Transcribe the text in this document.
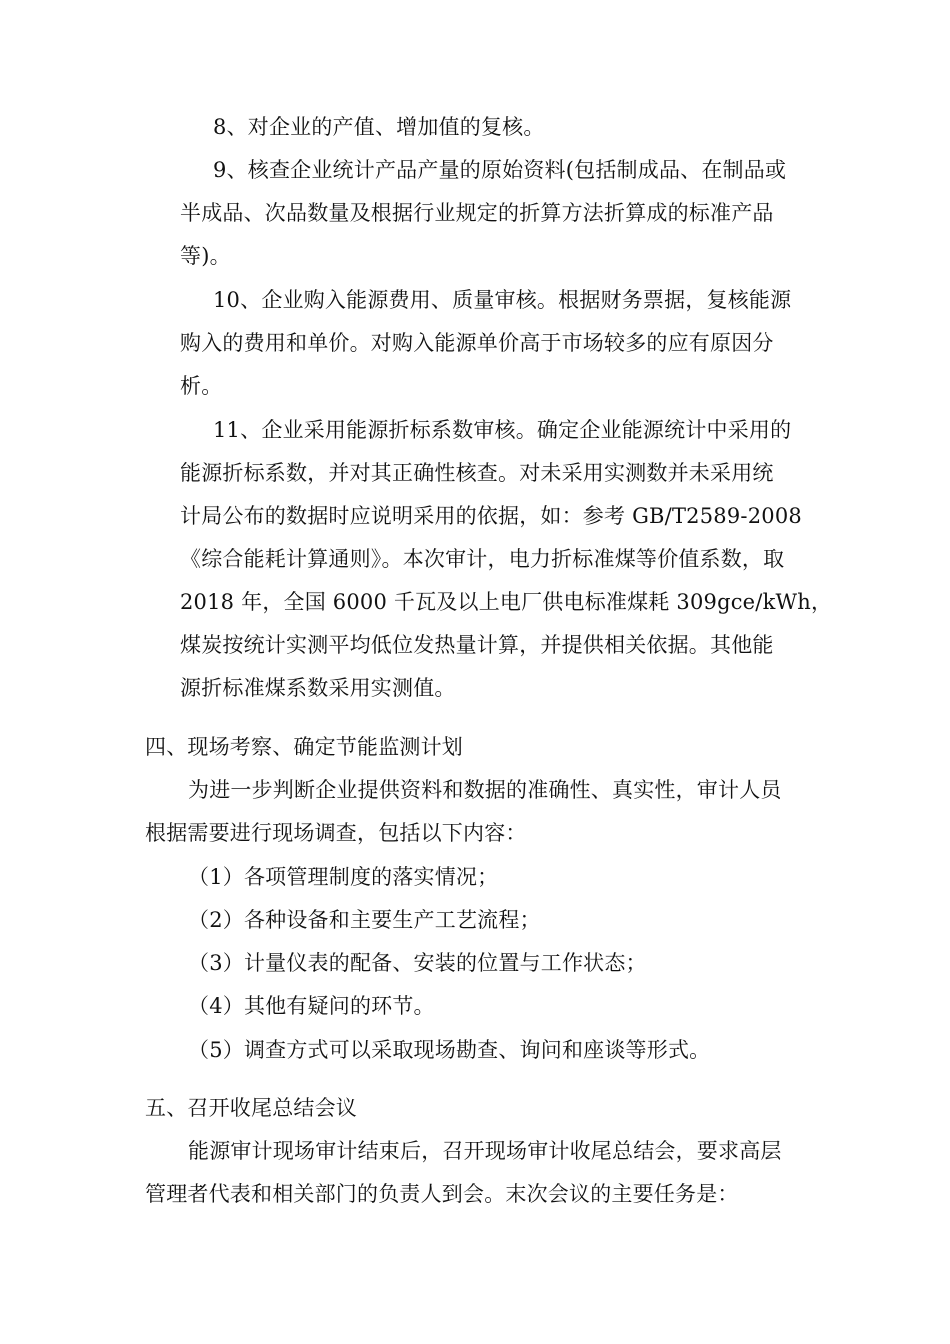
8、对企业的产值、增加值的复核。
9、核查企业统计产品产量的原始资料(包括制成品、在制品或
半成品、次品数量及根据行业规定的折算方法折算成的标准产品
等)。
10、企业购入能源费用、质量审核。根据财务票据，复核能源
购入的费用和单价。对购入能源单价高于市场较多的应有原因分
析。
11、企业采用能源折标系数审核。确定企业能源统计中采用的
能源折标系数，并对其正确性核查。对未采用实测数并未采用统
计局公布的数据时应说明采用的依据，如：参考 GB/T2589-2008
《综合能耗计算通则》。本次审计，电力折标准煤等价值系数，取
2018 年，全国 6000 千瓦及以上电厂供电标准煤耗 309gce/kWh，
煤炭按统计实测平均低位发热量计算，并提供相关依据。其他能
源折标准煤系数采用实测值。
四、现场考察、确定节能监测计划
为进一步判断企业提供资料和数据的准确性、真实性，审计人员
根据需要进行现场调查，包括以下内容：
（1）各项管理制度的落实情况；
（2）各种设备和主要生产工艺流程；
（3）计量仪表的配备、安装的位置与工作状态；
（4）其他有疑问的环节。
（5）调查方式可以采取现场勘查、询问和座谈等形式。
五、召开收尾总结会议
能源审计现场审计结束后，召开现场审计收尾总结会，要求高层
管理者代表和相关部门的负责人到会。末次会议的主要任务是：
